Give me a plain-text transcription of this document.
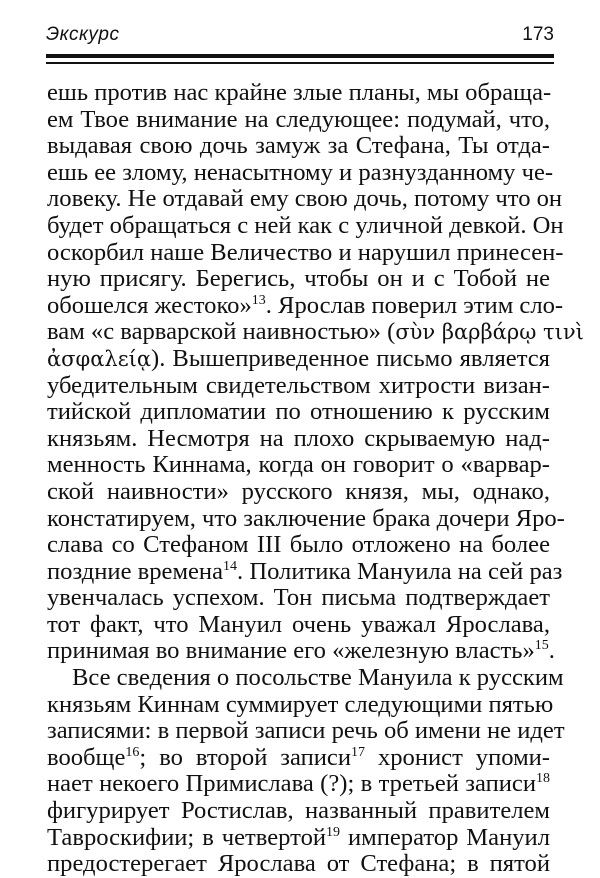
Экскурс	173
ешь против нас крайне злые планы, мы обраща-
ем Твое внимание на следующее: подумай, что,
выдавая свою дочь замуж за Стефана, Ты отда-
ешь ее злому, ненасытному и разнузданному че-
ловеку. Не отдавай ему свою дочь, потому что он
будет обращаться с ней как с уличной девкой. Он
оскорбил наше Величество и нарушил принесен-
ную присягу. Берегись, чтобы он и с Тобой не
обошелся жестоко»$^{13}$. Ярослав поверил этим сло-
вам «с варварской наивностью» (σὺν βαρβάρῳ τινὶ
ἀσφαλείᾳ). Вышеприведенное письмо является
убедительным свидетельством хитрости визан-
тийской дипломатии по отношению к русским
князьям. Несмотря на плохо скрываемую над-
менность Киннама, когда он говорит о «варвар-
ской наивности» русского князя, мы, однако,
констатируем, что заключение брака дочери Яро-
слава со Стефаном III было отложено на более
поздние времена$^{14}$. Политика Мануила на сей раз
увенчалась успехом. Тон письма подтверждает
тот факт, что Мануил очень уважал Ярослава,
принимая во внимание его «железную власть»$^{15}$.
Все сведения о посольстве Мануила к русским
князьям Киннам суммирует следующими пятью
записями: в первой записи речь об имени не идет
вообще$^{16}$; во второй записи$^{17}$ хронист упоми-
нает некоего Примислава (?); в третьей записи$^{18}$
фигурирует Ростислав, названный правителем
Тавроскифии; в четвертой$^{19}$ император Мануил
предостерегает Ярослава от Стефана; в пятой
